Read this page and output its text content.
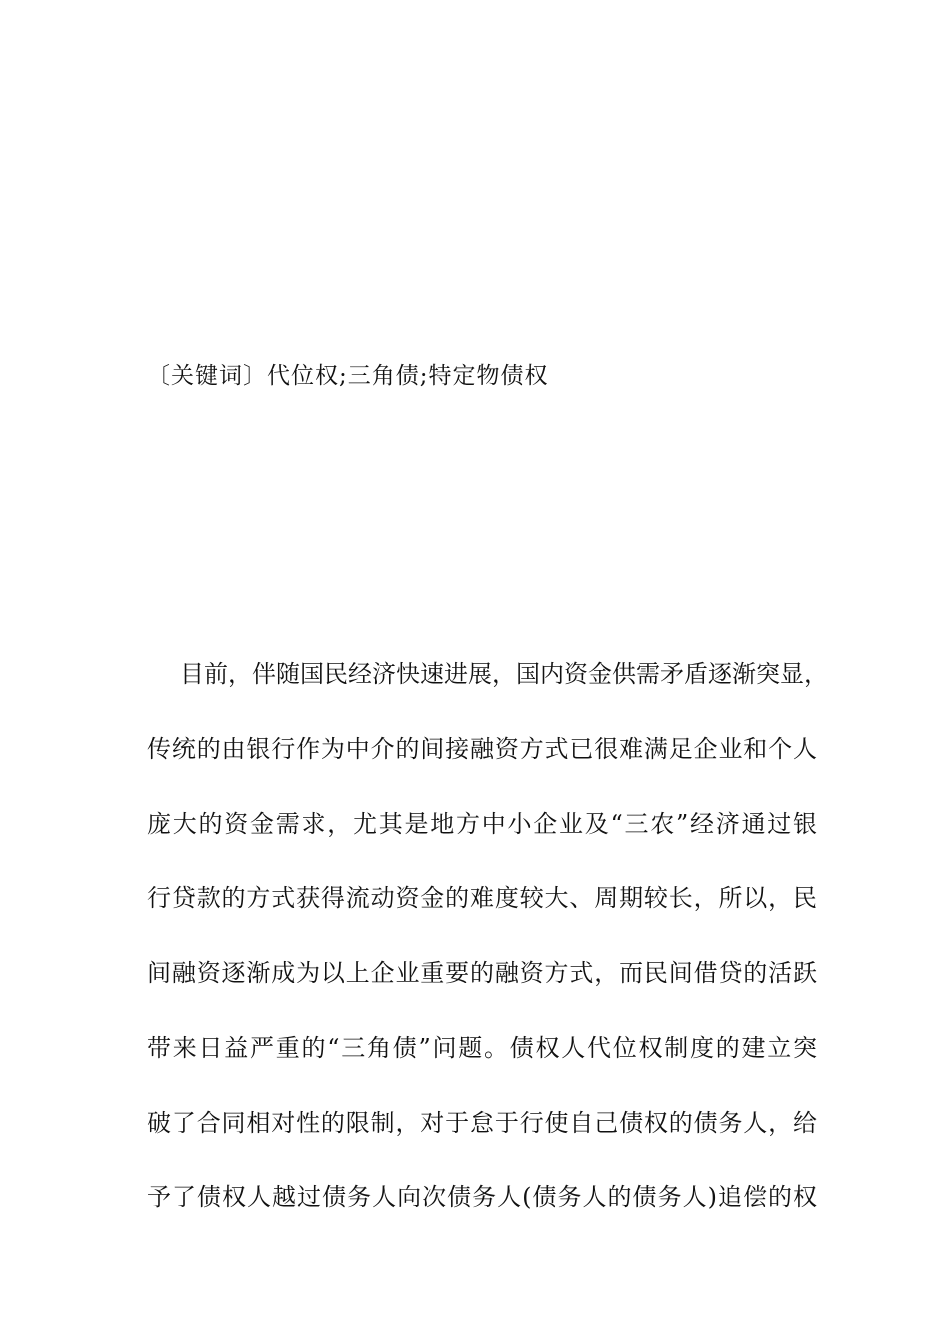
〔关键词〕代位权;三角债;特定物债权
目前，伴随国民经济快速进展，国内资金供需矛盾逐渐突显，
传统的由银行作为中介的间接融资方式已很难满足企业和个人
庞大的资金需求，尤其是地方中小企业及“三农”经济通过银
行贷款的方式获得流动资金的难度较大、周期较长，所以，民
间融资逐渐成为以上企业重要的融资方式，而民间借贷的活跃
带来日益严重的“三角债”问题。债权人代位权制度的建立突
破了合同相对性的限制，对于怠于行使自己债权的债务人，给
予了债权人越过债务人向次债务人(债务人的债务人)追偿的权
